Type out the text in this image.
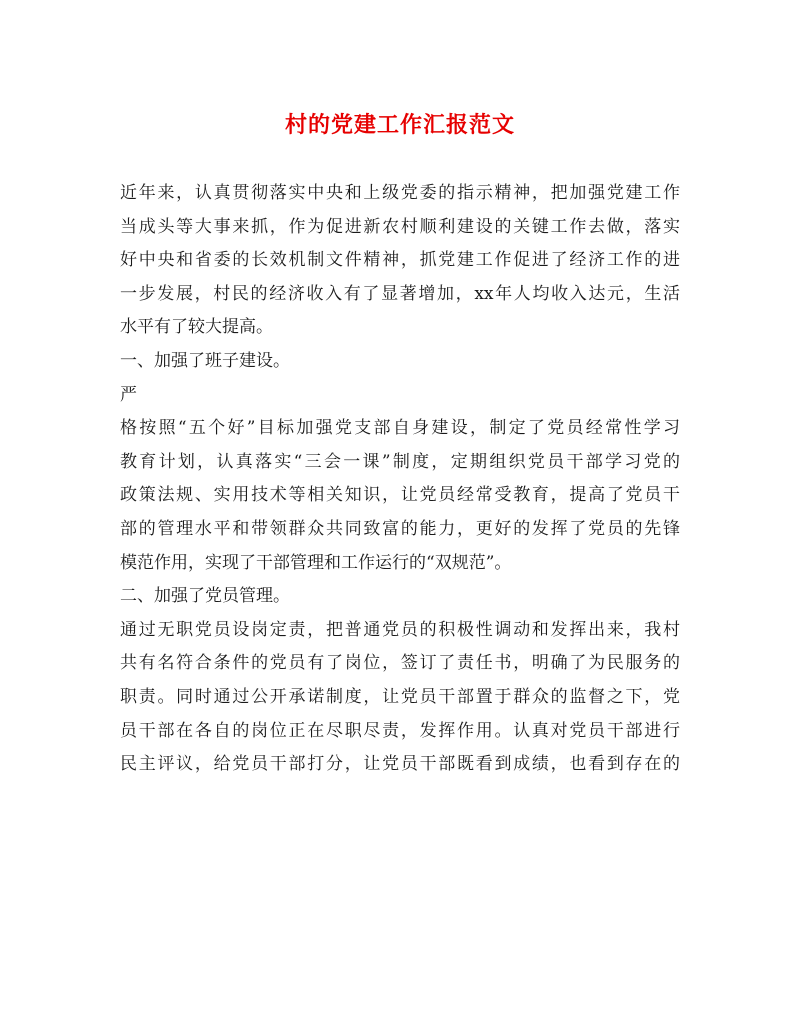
村的党建工作汇报范文
近年来，认真贯彻落实中央和上级党委的指示精神，把加强党建工作
当成头等大事来抓，作为促进新农村顺利建设的关键工作去做，落实
好中央和省委的长效机制文件精神，抓党建工作促进了经济工作的进
一步发展，村民的经济收入有了显著增加，xx年人均收入达元，生活
水平有了较大提高。
一、加强了班子建设。
严
格按照“五个好”目标加强党支部自身建设，制定了党员经常性学习
教育计划，认真落实“三会一课”制度，定期组织党员干部学习党的
政策法规、实用技术等相关知识，让党员经常受教育，提高了党员干
部的管理水平和带领群众共同致富的能力，更好的发挥了党员的先锋
模范作用，实现了干部管理和工作运行的“双规范”。
二、加强了党员管理。
通过无职党员设岗定责，把普通党员的积极性调动和发挥出来，我村
共有名符合条件的党员有了岗位，签订了责任书，明确了为民服务的
职责。同时通过公开承诺制度，让党员干部置于群众的监督之下，党
员干部在各自的岗位正在尽职尽责，发挥作用。认真对党员干部进行
民主评议，给党员干部打分，让党员干部既看到成绩，也看到存在的
